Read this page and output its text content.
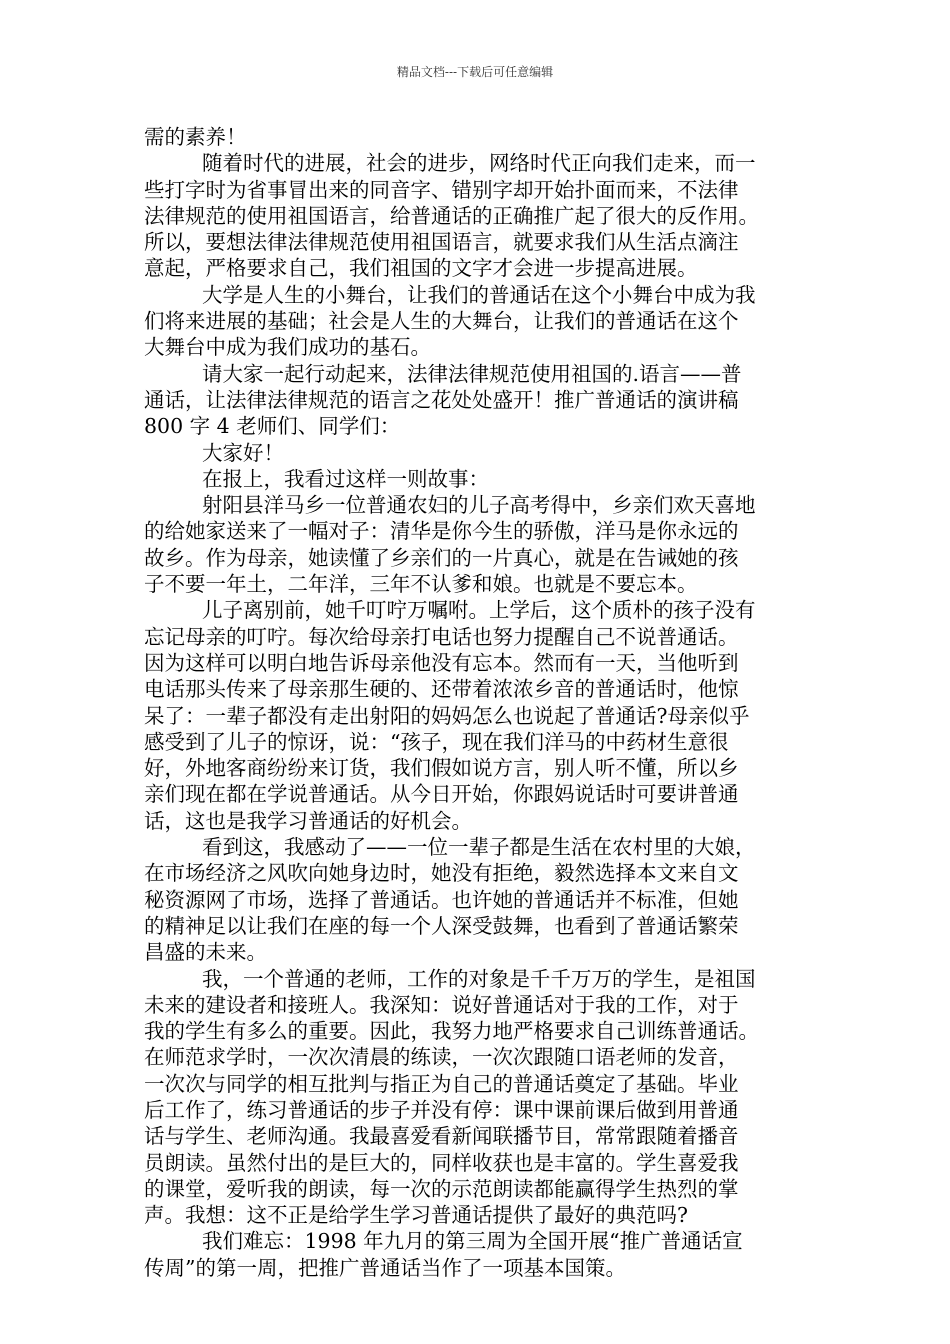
精品文档---下载后可任意编辑
需的素养！
随着时代的进展，社会的进步，网络时代正向我们走来，而一
些打字时为省事冒出来的同音字、错别字却开始扑面而来，不法律
法律规范的使用祖国语言，给普通话的正确推广起了很大的反作用。
所以，要想法律法律规范使用祖国语言，就要求我们从生活点滴注
意起，严格要求自己，我们祖国的文字才会进一步提高进展。
大学是人生的小舞台，让我们的普通话在这个小舞台中成为我
们将来进展的基础；社会是人生的大舞台，让我们的普通话在这个
大舞台中成为我们成功的基石。
请大家一起行动起来，法律法律规范使用祖国的.语言——普
通话，让法律法律规范的语言之花处处盛开！推广普通话的演讲稿
800 字 4 老师们、同学们：
大家好！
在报上，我看过这样一则故事：
射阳县洋马乡一位普通农妇的儿子高考得中，乡亲们欢天喜地
的给她家送来了一幅对子：清华是你今生的骄傲，洋马是你永远的
故乡。作为母亲，她读懂了乡亲们的一片真心，就是在告诫她的孩
子不要一年土，二年洋，三年不认爹和娘。也就是不要忘本。
儿子离别前，她千叮咛万嘱咐。上学后，这个质朴的孩子没有
忘记母亲的叮咛。每次给母亲打电话也努力提醒自己不说普通话。
因为这样可以明白地告诉母亲他没有忘本。然而有一天，当他听到
电话那头传来了母亲那生硬的、还带着浓浓乡音的普通话时，他惊
呆了：一辈子都没有走出射阳的妈妈怎么也说起了普通话?母亲似乎
感受到了儿子的惊讶，说：“孩子，现在我们洋马的中药材生意很
好，外地客商纷纷来订货，我们假如说方言，别人听不懂，所以乡
亲们现在都在学说普通话。从今日开始，你跟妈说话时可要讲普通
话，这也是我学习普通话的好机会。
看到这，我感动了——一位一辈子都是生活在农村里的大娘，
在市场经济之风吹向她身边时，她没有拒绝，毅然选择本文来自文
秘资源网了市场，选择了普通话。也许她的普通话并不标准，但她
的精神足以让我们在座的每一个人深受鼓舞，也看到了普通话繁荣
昌盛的未来。
我，一个普通的老师，工作的对象是千千万万的学生，是祖国
未来的建设者和接班人。我深知：说好普通话对于我的工作，对于
我的学生有多么的重要。因此，我努力地严格要求自己训练普通话。
在师范求学时，一次次清晨的练读，一次次跟随口语老师的发音，
一次次与同学的相互批判与指正为自己的普通话奠定了基础。毕业
后工作了，练习普通话的步子并没有停：课中课前课后做到用普通
话与学生、老师沟通。我最喜爱看新闻联播节目，常常跟随着播音
员朗读。虽然付出的是巨大的，同样收获也是丰富的。学生喜爱我
的课堂，爱听我的朗读，每一次的示范朗读都能赢得学生热烈的掌
声。我想：这不正是给学生学习普通话提供了最好的典范吗?
我们难忘：1998 年九月的第三周为全国开展“推广普通话宣
传周”的第一周，把推广普通话当作了一项基本国策。
